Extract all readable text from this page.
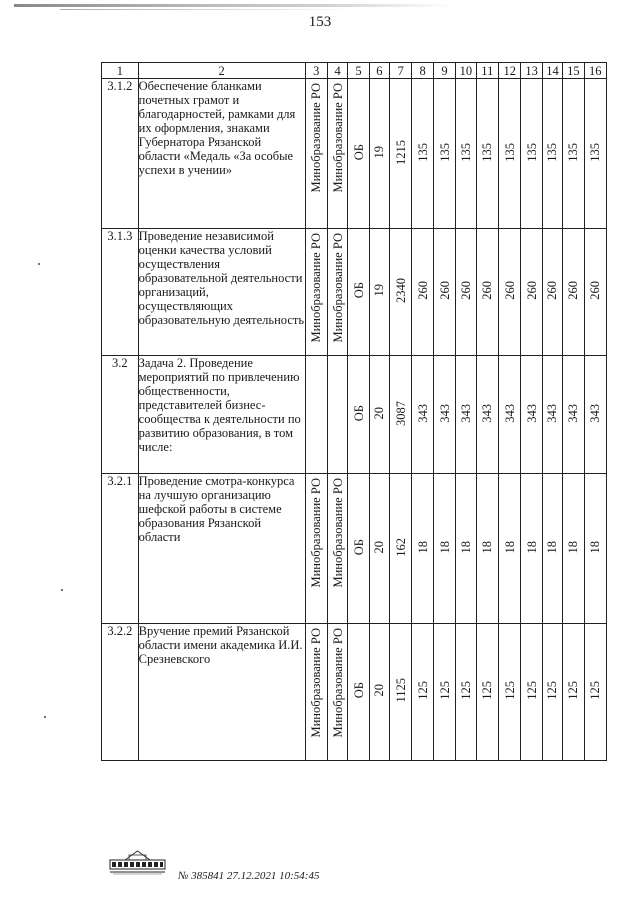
153
1	2	3	4	5	6	7	8	9	10	11	12	13	14	15	16
3.1.2	Обеспечение бланками почетных грамот и благодарностей, рамками для их оформления, знаками Губернатора Рязанской области «Медаль «За особые успехи в учении»	Минобразование РО	Минобразование РО	ОБ	19	1215	135	135	135	135	135	135	135	135	135
3.1.3	Проведение независимой оценки качества условий осуществления образовательной деятельности организаций, осуществляющих образовательную деятельность	Минобразование РО	Минобразование РО	ОБ	19	2340	260	260	260	260	260	260	260	260	260
3.2	Задача 2. Проведение мероприятий по привлечению общественности, представителей бизнес-сообщества к деятельности по развитию образования, в том числе:			ОБ	20	3087	343	343	343	343	343	343	343	343	343
3.2.1	Проведение смотра-конкурса на лучшую организацию шефской работы в системе образования Рязанской области	Минобразование РО	Минобразование РО	ОБ	20	162	18	18	18	18	18	18	18	18	18
3.2.2	Вручение премий Рязанской области имени академика И.И. Срезневского	Минобразование РО	Минобразование РО	ОБ	20	1125	125	125	125	125	125	125	125	125	125
№ 385841 27.12.2021 10:54:45
